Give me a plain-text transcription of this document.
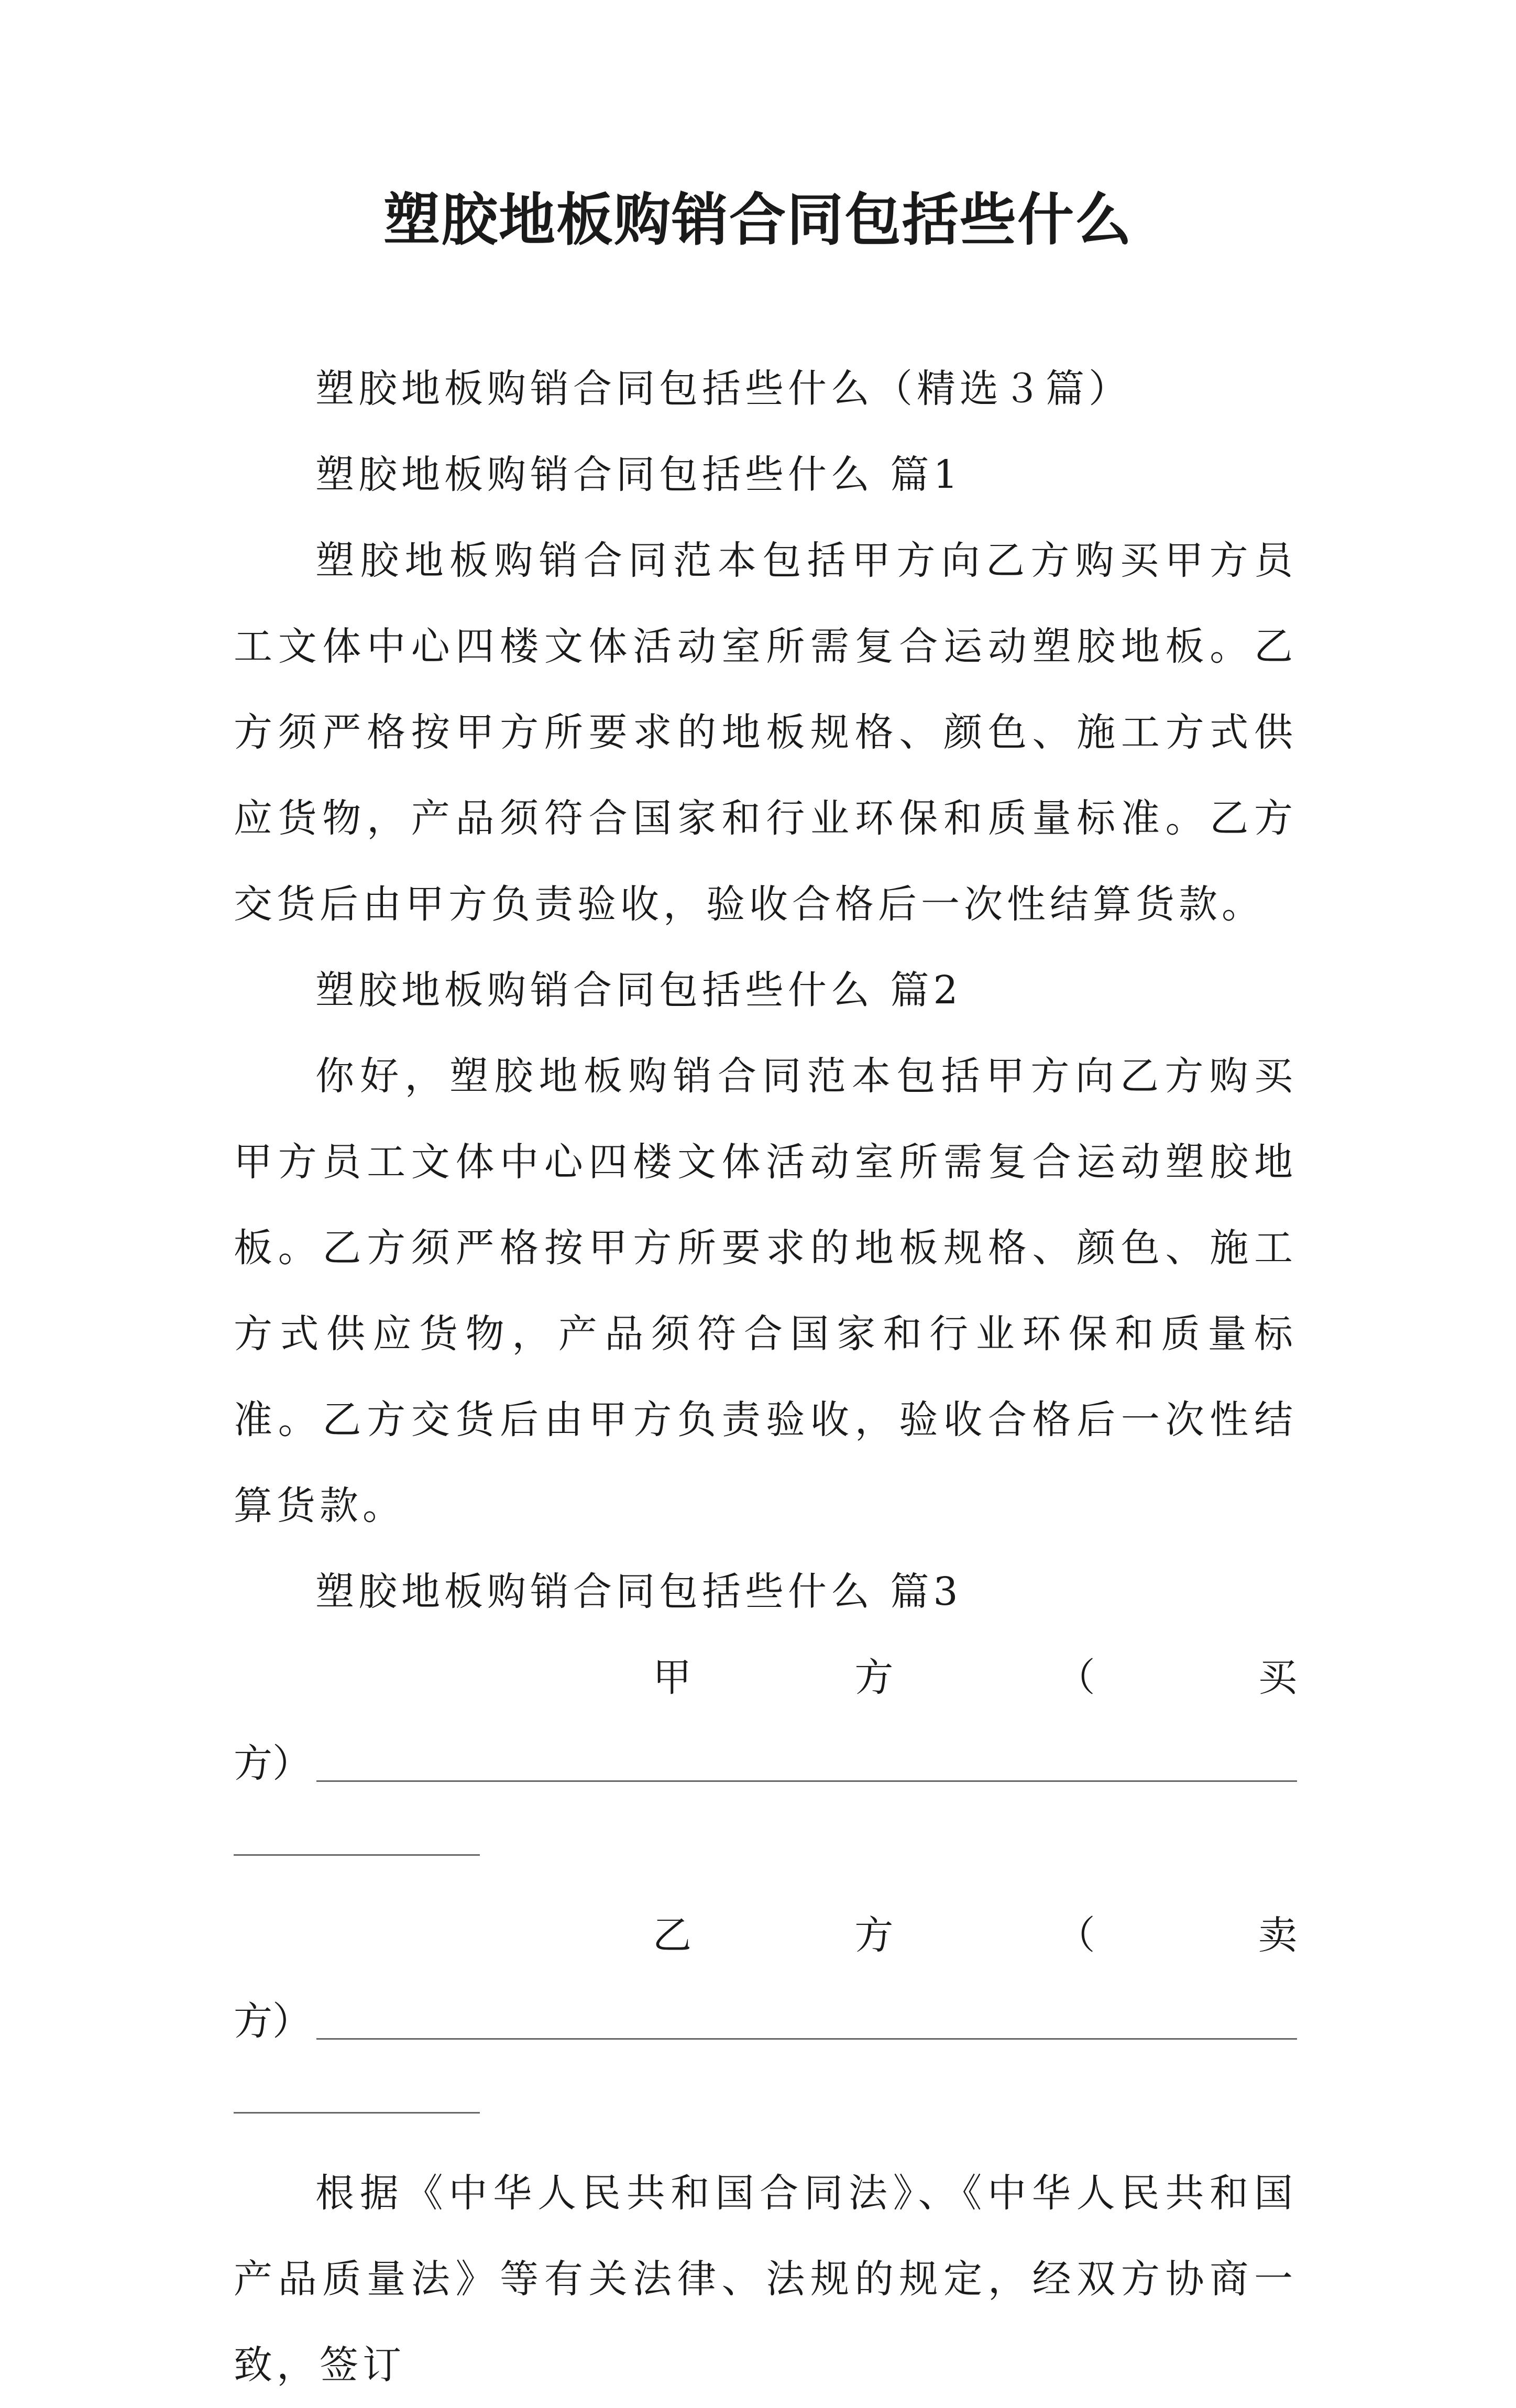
塑胶地板购销合同包括些什么

塑胶地板购销合同包括些什么（精选３篇）

塑胶地板购销合同包括些什么 篇1

塑胶地板购销合同范本包括甲方向乙方购买甲方员工文体中心四楼文体活动室所需复合运动塑胶地板。乙方须严格按甲方所要求的地板规格、颜色、施工方式供应货物，产品须符合国家和行业环保和质量标准。乙方交货后由甲方负责验收，验收合格后一次性结算货款。

塑胶地板购销合同包括些什么 篇2

你好，塑胶地板购销合同范本包括甲方向乙方购买甲方员工文体中心四楼文体活动室所需复合运动塑胶地板。乙方须严格按甲方所要求的地板规格、颜色、施工方式供应货物，产品须符合国家和行业环保和质量标准。乙方交货后由甲方负责验收，验收合格后一次性结算货款。

塑胶地板购销合同包括些什么 篇3

甲	方	（	买
方）
乙	方	（	卖
方）

根据《中华人民共和国合同法》、《中华人民共和国产品质量法》等有关法律、法规的规定，经双方协商一致，签订
